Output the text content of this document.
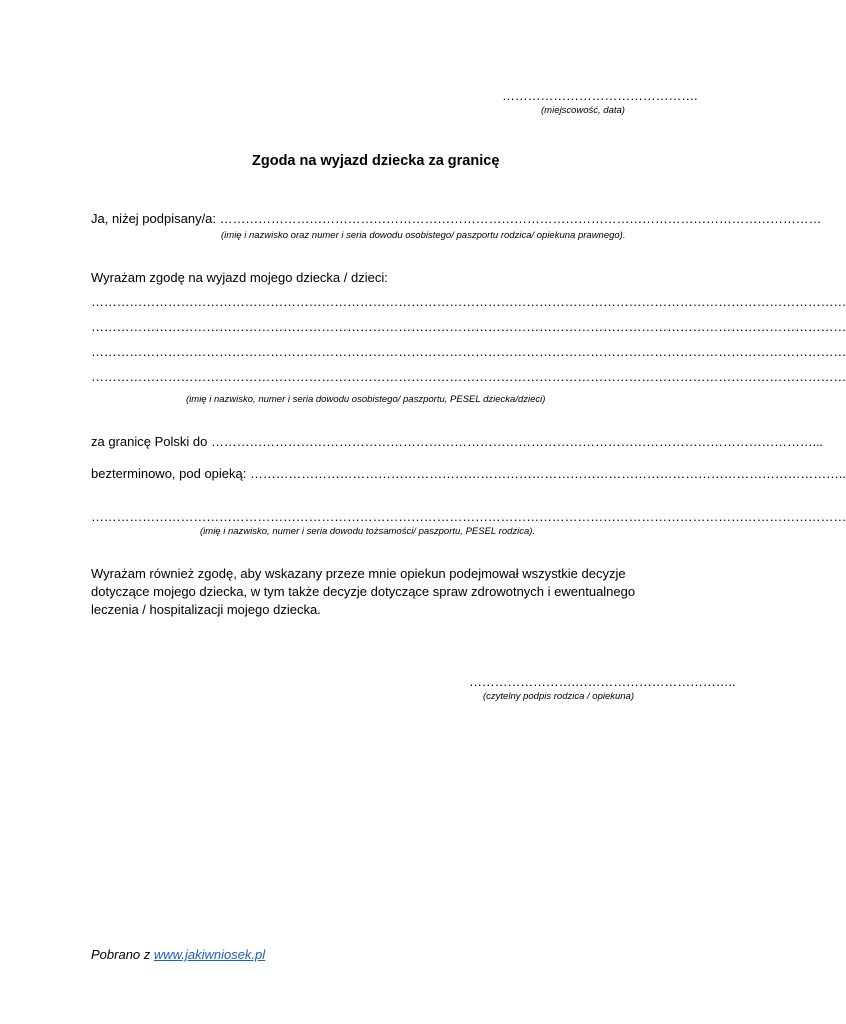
……………………………………….
(miejscowość, data)
Zgoda na wyjazd dziecka za granicę
Ja, niżej podpisany/a: ……………………………………………………………………………………………………………………………
(imię i nazwisko oraz numer i seria dowodu osobistego/ paszportu rodzica/ opiekuna prawnego).
Wyrażam zgodę na wyjazd mojego dziecka / dzieci:
……………………………………………………………………………………………………………………………………………………………
……………………………………………………………………………………………………………………………………………………………
……………………………………………………………………………………………………………………………………………………………
……………………………………………………………………………………………………………………………………………………………
(imię i nazwisko, numer i seria dowodu osobistego/ paszportu, PESEL dziecka/dzieci)
za granicę Polski do ……………………………………………………………………………………………………………………………...
bezterminowo, pod opieką: …………………………………………………………………………………………………………………………..
……………………………………………………………………………………………………………………………………………………………
(imię i nazwisko, numer i seria dowodu tożsamości/ paszportu, PESEL rodzica).
Wyrażam również zgodę, aby wskazany przeze mnie opiekun podejmował wszystkie decyzje dotyczące mojego dziecka, w tym także decyzje dotyczące spraw zdrowotnych i ewentualnego leczenia / hospitalizacji mojego dziecka.
…………………….………………………………..
(czytelny podpis rodzica / opiekuna)
Pobrano z www.jakiwniosek.pl
